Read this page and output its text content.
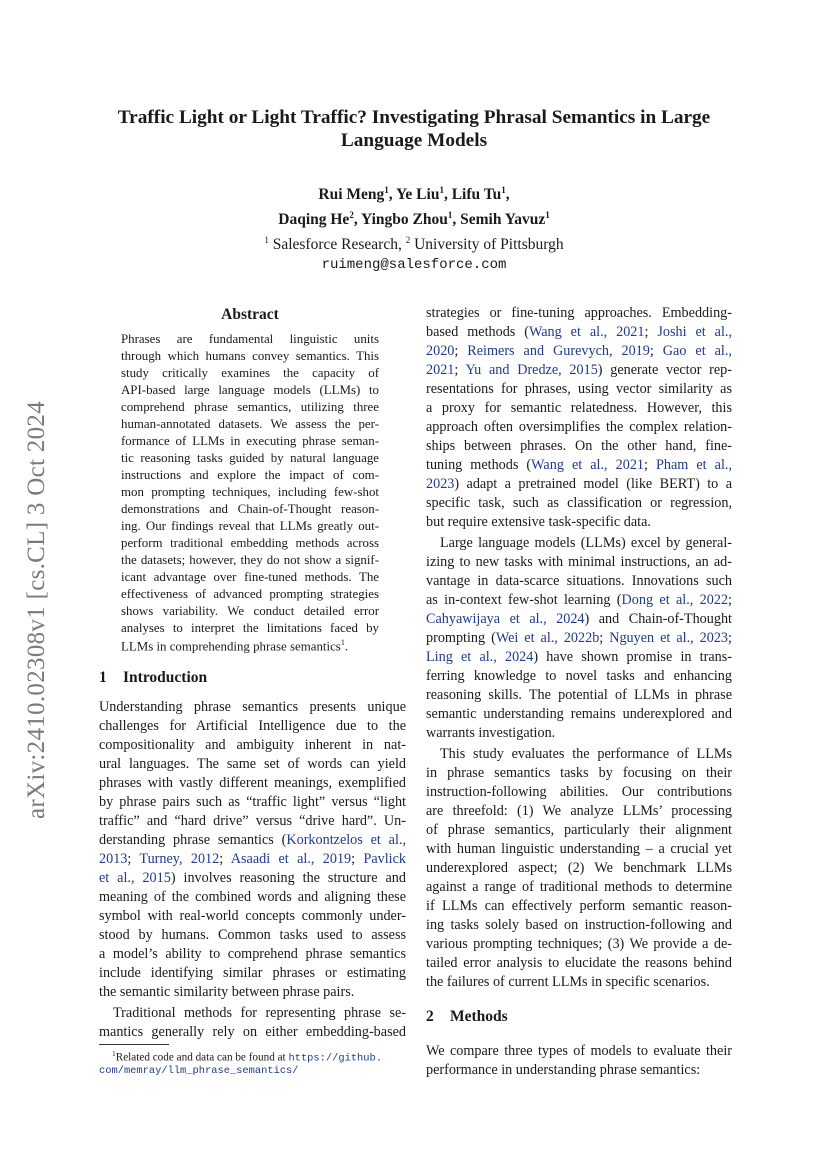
arXiv:2410.02308v1 [cs.CL] 3 Oct 2024
Traffic Light or Light Traffic? Investigating Phrasal Semantics in Large
Language Models
Rui Meng$^1$, Ye Liu$^1$, Lifu Tu$^1$,
Daqing He$^2$, Yingbo Zhou$^1$, Semih Yavuz$^1$
$^1$ Salesforce Research, $^2$ University of Pittsburgh
ruimeng@salesforce.com
Abstract
Phrases are fundamental linguistic units
through which humans convey semantics. This
study critically examines the capacity of
API-based large language models (LLMs) to
comprehend phrase semantics, utilizing three
human-annotated datasets. We assess the per-
formance of LLMs in executing phrase seman-
tic reasoning tasks guided by natural language
instructions and explore the impact of com-
mon prompting techniques, including few-shot
demonstrations and Chain-of-Thought reason-
ing. Our findings reveal that LLMs greatly out-
perform traditional embedding methods across
the datasets; however, they do not show a signif-
icant advantage over fine-tuned methods. The
effectiveness of advanced prompting strategies
shows variability. We conduct detailed error
analyses to interpret the limitations faced by
LLMs in comprehending phrase semantics$^1$.
1 Introduction
Understanding phrase semantics presents unique
challenges for Artificial Intelligence due to the
compositionality and ambiguity inherent in nat-
ural languages. The same set of words can yield
phrases with vastly different meanings, exemplified
by phrase pairs such as “traffic light” versus “light
traffic” and “hard drive” versus “drive hard”. Un-
derstanding phrase semantics (Korkontzelos et al.,
2013; Turney, 2012; Asaadi et al., 2019; Pavlick
et al., 2015) involves reasoning the structure and
meaning of the combined words and aligning these
symbol with real-world concepts commonly under-
stood by humans. Common tasks used to assess
a model’s ability to comprehend phrase semantics
include identifying similar phrases or estimating
the semantic similarity between phrase pairs.
Traditional methods for representing phrase se-
mantics generally rely on either embedding-based
$^1$Related code and data can be found at https://github.
com/memray/llm_phrase_semantics/
strategies or fine-tuning approaches. Embedding-
based methods (Wang et al., 2021; Joshi et al.,
2020; Reimers and Gurevych, 2019; Gao et al.,
2021; Yu and Dredze, 2015) generate vector rep-
resentations for phrases, using vector similarity as
a proxy for semantic relatedness. However, this
approach often oversimplifies the complex relation-
ships between phrases. On the other hand, fine-
tuning methods (Wang et al., 2021; Pham et al.,
2023) adapt a pretrained model (like BERT) to a
specific task, such as classification or regression,
but require extensive task-specific data.
Large language models (LLMs) excel by general-
izing to new tasks with minimal instructions, an ad-
vantage in data-scarce situations. Innovations such
as in-context few-shot learning (Dong et al., 2022;
Cahyawijaya et al., 2024) and Chain-of-Thought
prompting (Wei et al., 2022b; Nguyen et al., 2023;
Ling et al., 2024) have shown promise in trans-
ferring knowledge to novel tasks and enhancing
reasoning skills. The potential of LLMs in phrase
semantic understanding remains underexplored and
warrants investigation.
This study evaluates the performance of LLMs
in phrase semantics tasks by focusing on their
instruction-following abilities. Our contributions
are threefold: (1) We analyze LLMs’ processing
of phrase semantics, particularly their alignment
with human linguistic understanding – a crucial yet
underexplored aspect; (2) We benchmark LLMs
against a range of traditional methods to determine
if LLMs can effectively perform semantic reason-
ing tasks solely based on instruction-following and
various prompting techniques; (3) We provide a de-
tailed error analysis to elucidate the reasons behind
the failures of current LLMs in specific scenarios.
2 Methods
We compare three types of models to evaluate their
performance in understanding phrase semantics:
